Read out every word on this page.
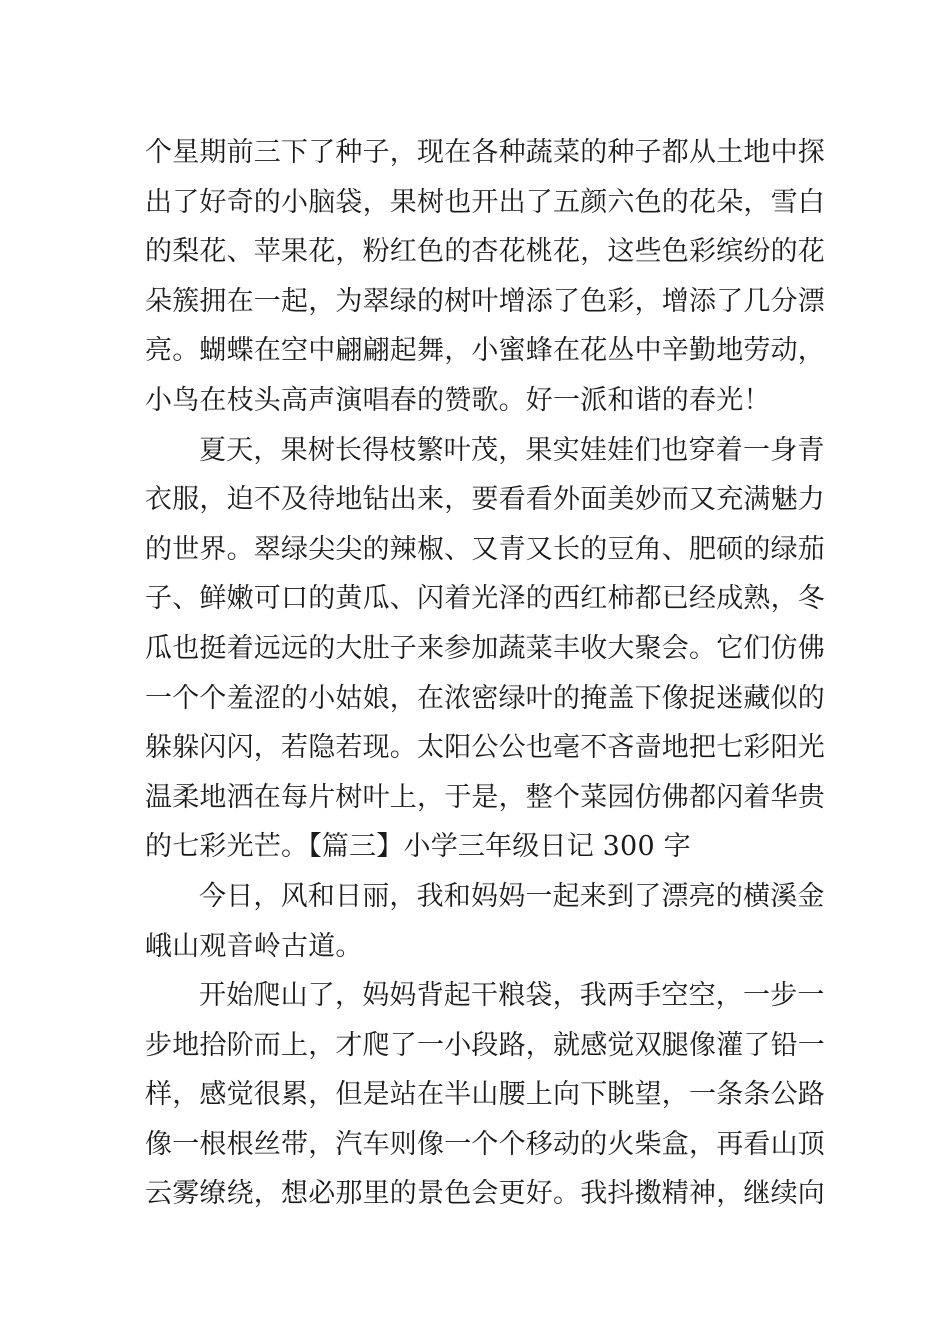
个星期前三下了种子，现在各种蔬菜的种子都从土地中探
出了好奇的小脑袋，果树也开出了五颜六色的花朵，雪白
的梨花、苹果花，粉红色的杏花桃花，这些色彩缤纷的花
朵簇拥在一起，为翠绿的树叶增添了色彩，增添了几分漂
亮。蝴蝶在空中翩翩起舞，小蜜蜂在花丛中辛勤地劳动，
小鸟在枝头高声演唱春的赞歌。好一派和谐的春光！
夏天，果树长得枝繁叶茂，果实娃娃们也穿着一身青
衣服，迫不及待地钻出来，要看看外面美妙而又充满魅力
的世界。翠绿尖尖的辣椒、又青又长的豆角、肥硕的绿茄
子、鲜嫩可口的黄瓜、闪着光泽的西红柿都已经成熟，冬
瓜也挺着远远的大肚子来参加蔬菜丰收大聚会。它们仿佛
一个个羞涩的小姑娘，在浓密绿叶的掩盖下像捉迷藏似的
躲躲闪闪，若隐若现。太阳公公也毫不吝啬地把七彩阳光
温柔地洒在每片树叶上，于是，整个菜园仿佛都闪着华贵
的七彩光芒。【篇三】小学三年级日记 300 字
今日，风和日丽，我和妈妈一起来到了漂亮的横溪金
峨山观音岭古道。
开始爬山了，妈妈背起干粮袋，我两手空空，一步一
步地拾阶而上，才爬了一小段路，就感觉双腿像灌了铅一
样，感觉很累，但是站在半山腰上向下眺望，一条条公路
像一根根丝带，汽车则像一个个移动的火柴盒，再看山顶
云雾缭绕，想必那里的景色会更好。我抖擞精神，继续向
